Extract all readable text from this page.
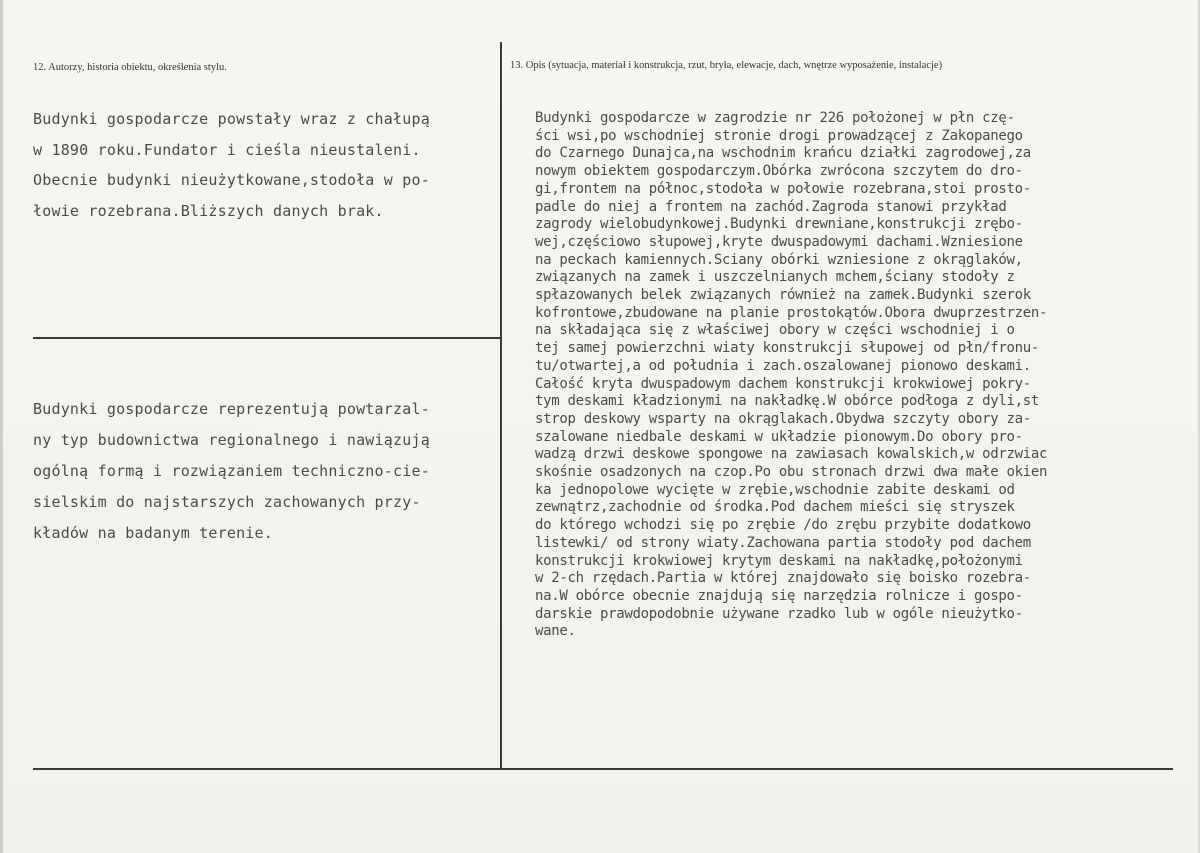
12. Autorzy, historia obiektu, określenia stylu.	13. Opis (sytuacja, materiał i konstrukcja, rzut, bryła, elewacje, dach, wnętrze wyposażenie, instalacje)
Budynki gospodarcze powstały wraz z chałupą
w 1890 roku.Fundator i cieśla nieustaleni.
Obecnie budynki nieużytkowane,stodoła w po-
łowie rozebrana.Bliższych danych brak.
Budynki gospodarcze reprezentują powtarzal-
ny typ budownictwa regionalnego i nawiązują
ogólną formą i rozwiązaniem techniczno-cie-
sielskim do najstarszych zachowanych przy-
kładów na badanym terenie.
Budynki gospodarcze w zagrodzie nr 226 położonej w płn czę-
ści wsi,po wschodniej stronie drogi prowadzącej z Zakopanego
do Czarnego Dunajca,na wschodnim krańcu działki zagrodowej,za
nowym obiektem gospodarczym.Obórka zwrócona szczytem do dro-
gi,frontem na północ,stodoła w połowie rozebrana,stoi prosto-
padle do niej a frontem na zachód.Zagroda stanowi przykład
zagrody wielobudynkowej.Budynki drewniane,konstrukcji zrębo-
wej,częściowo słupowej,kryte dwuspadowymi dachami.Wzniesione
na peckach kamiennych.Sciany obórki wzniesione z okrąglaków,
związanych na zamek i uszczelnianych mchem,ściany stodoły z
spłazowanych belek związanych również na zamek.Budynki szerok
kofrontowe,zbudowane na planie prostokątów.Obora dwuprzestrzen-
na składająca się z właściwej obory w części wschodniej i o
tej samej powierzchni wiaty konstrukcji słupowej od płn/fronu-
tu/otwartej,a od południa i zach.oszalowanej pionowo deskami.
Całość kryta dwuspadowym dachem konstrukcji krokwiowej pokry-
tym deskami kładzionymi na nakładkę.W obórce podłoga z dyli,st
strop deskowy wsparty na okrąglakach.Obydwa szczyty obory za-
szalowane niedbale deskami w układzie pionowym.Do obory pro-
wadzą drzwi deskowe spongowe na zawiasach kowalskich,w odrzwiac
skośnie osadzonych na czop.Po obu stronach drzwi dwa małe okien
ka jednopolowe wycięte w zrębie,wschodnie zabite deskami od
zewnątrz,zachodnie od środka.Pod dachem mieści się stryszek
do którego wchodzi się po zrębie /do zrębu przybite dodatkowo
listewki/ od strony wiaty.Zachowana partia stodoły pod dachem
konstrukcji krokwiowej krytym deskami na nakładkę,położonymi
w 2-ch rzędach.Partia w której znajdowało się boisko rozebra-
na.W obórce obecnie znajdują się narzędzia rolnicze i gospo-
darskie prawdopodobnie używane rzadko lub w ogóle nieużytko-
wane.
